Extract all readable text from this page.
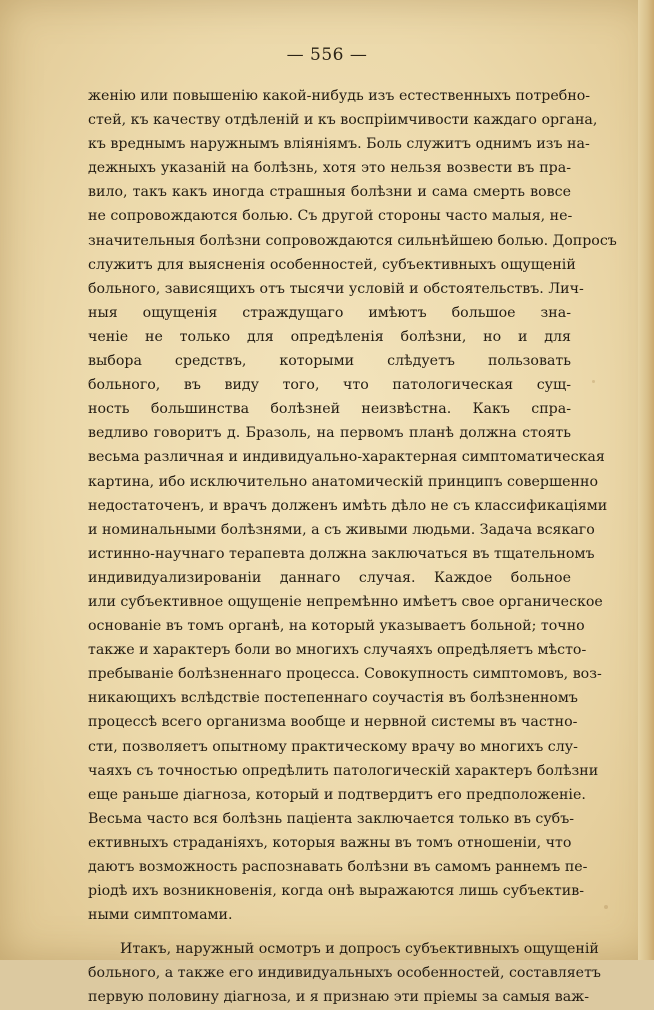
— 556 —
женію или повышенію какой-нибудь изъ естественныхъ потребно-
стей, къ качеству отдѣленій и къ воспріимчивости каждаго органа,
къ вреднымъ наружнымъ вліяніямъ. Боль служитъ однимъ изъ на-
дежныхъ указаній на болѣзнь, хотя это нельзя возвести въ пра-
вило, такъ какъ иногда страшныя болѣзни и сама смерть вовсе
не сопровождаются болью. Съ другой стороны часто малыя, не-
значительныя болѣзни сопровождаются сильнѣйшею болью. Допросъ
служитъ для выясненія особенностей, субъективныхъ ощущеній
больного, зависящихъ отъ тысячи условій и обстоятельствъ. Лич-
ныя ощущенія страждущаго имѣютъ большое зна-
ченіе не только для опредѣленія болѣзни, но и для
выбора средствъ, которыми слѣдуетъ пользовать
больного, въ виду того, что патологическая сущ-
ность большинства болѣзней неизвѣстна. Какъ спра-
ведливо говоритъ д. Бразоль, на первомъ планѣ должна стоять
весьма различная и индивидуально-характерная симптоматическая
картина, ибо исключительно анатомическій принципъ совершенно
недостаточенъ, и врачъ долженъ имѣть дѣло не съ классификаціями
и номинальными болѣзнями, а съ живыми людьми. Задача всякаго
истинно-научнаго терапевта должна заключаться въ тщательномъ
индивидуализированіи даннаго случая. Каждое больное
или субъективное ощущеніе непремѣнно имѣетъ свое органическое
основаніе въ томъ органѣ, на который указываетъ больной; точно
также и характеръ боли во многихъ случаяхъ опредѣляетъ мѣсто-
пребываніе болѣзненнаго процесса. Совокупность симптомовъ, воз-
никающихъ вслѣдствіе постепеннаго соучастія въ болѣзненномъ
процессѣ всего организма вообще и нервной системы въ частно-
сти, позволяетъ опытному практическому врачу во многихъ слу-
чаяхъ съ точностью опредѣлить патологическій характеръ болѣзни
еще раньше діагноза, который и подтвердитъ его предположеніе.
Весьма часто вся болѣзнь паціента заключается только въ субъ-
ективныхъ страданіяхъ, которыя важны въ томъ отношеніи, что
даютъ возможность распознавать болѣзни въ самомъ раннемъ пе-
ріодѣ ихъ возникновенія, когда онѣ выражаются лишь субъектив-
ными симптомами.
Итакъ, наружный осмотръ и допросъ субъективныхъ ощущеній
больного, а также его индивидуальныхъ особенностей, составляетъ
первую половину діагноза, и я признаю эти пріемы за самыя важ-
